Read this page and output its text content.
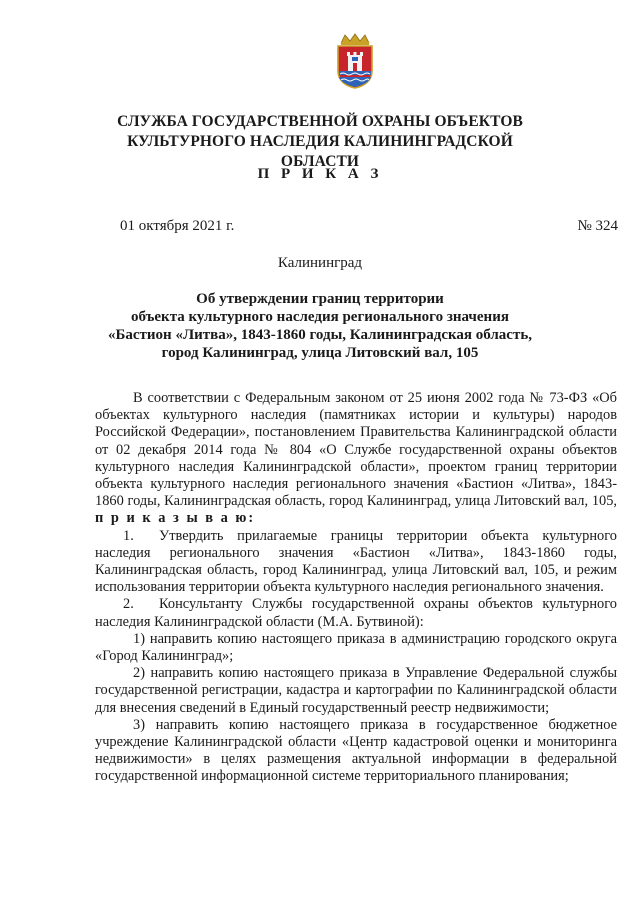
СЛУЖБА ГОСУДАРСТВЕННОЙ ОХРАНЫ ОБЪЕКТОВ
КУЛЬТУРНОГО НАСЛЕДИЯ КАЛИНИНГРАДСКОЙ ОБЛАСТИ
П Р И К А З
01 октября 2021 г.	№ 324
Калининград
Об утверждении границ территории
объекта культурного наследия регионального значения
«Бастион «Литва», 1843-1860 годы, Калининградская область,
город Калининград, улица Литовский вал, 105

В соответствии с Федеральным законом от 25 июня 2002 года № 73-ФЗ «Об объектах культурного наследия (памятниках истории и культуры) народов Российской Федерации», постановлением Правительства Калининградской области от 02 декабря 2014 года № 804 «О Службе государственной охраны объектов культурного наследия Калининградской области», проектом границ территории объекта культурного наследия регионального значения «Бастион «Литва», 1843-1860 годы, Калининградская область, город Калининград, улица Литовский вал, 105, п р и к а з ы в а ю:

1. Утвердить прилагаемые границы территории объекта культурного наследия регионального значения «Бастион «Литва», 1843-1860 годы, Калининградская область, город Калининград, улица Литовский вал, 105, и режим использования территории объекта культурного наследия регионального значения.

2. Консультанту Службы государственной охраны объектов культурного наследия Калининградской области (М.А. Бутвиной):

1) направить копию настоящего приказа в администрацию городского округа «Город Калининград»;

2) направить копию настоящего приказа в Управление Федеральной службы государственной регистрации, кадастра и картографии по Калининградской области для внесения сведений в Единый государственный реестр недвижимости;

3) направить копию настоящего приказа в государственное бюджетное учреждение Калининградской области «Центр кадастровой оценки и мониторинга недвижимости» в целях размещения актуальной информации в федеральной государственной информационной системе территориального планирования;
